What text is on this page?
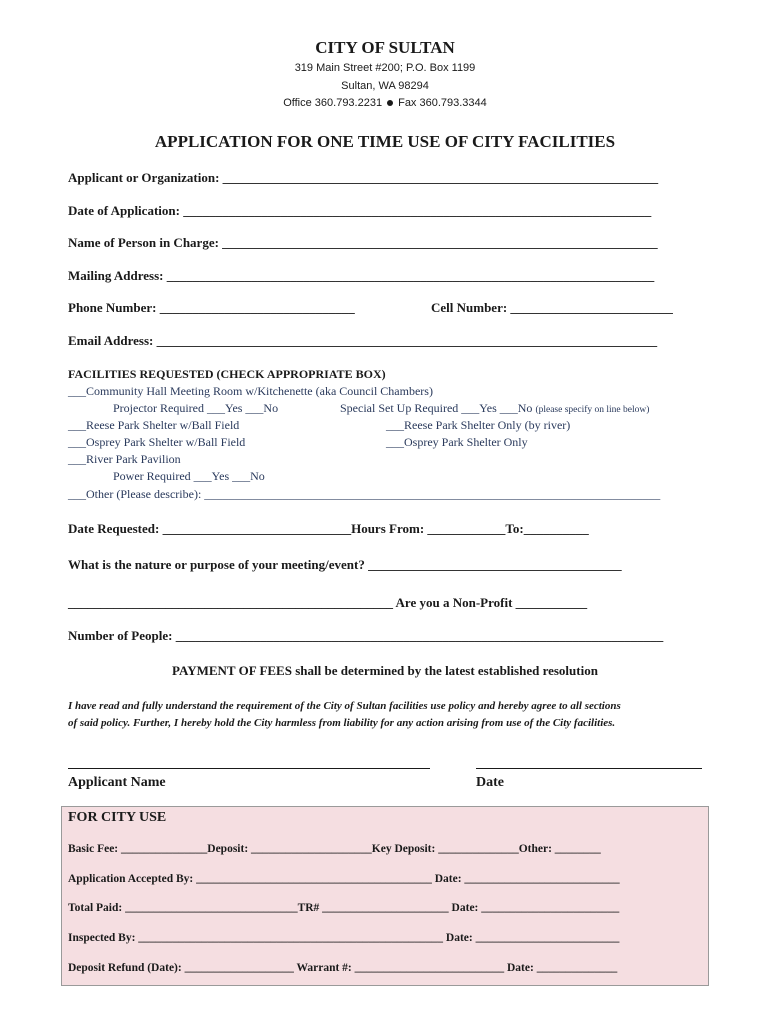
CITY OF SULTAN
319 Main Street #200; P.O. Box 1199
Sultan, WA 98294
Office 360.793.2231 Fax 360.793.3344
APPLICATION FOR ONE TIME USE OF CITY FACILITIES
Applicant or Organization: ___________________________________________________________________
Date of Application: ________________________________________________________________________
Name of Person in Charge: ___________________________________________________________________
Mailing Address: ___________________________________________________________________________
Phone Number: ______________________________	Cell Number: _________________________
Email Address: _____________________________________________________________________________
FACILITIES REQUESTED (CHECK APPROPRIATE BOX)
___Community Hall Meeting Room w/Kitchenette (aka Council Chambers)
Projector Required ___Yes ___No	Special Set Up Required ___Yes ___No (please specify on line below)
___Reese Park Shelter w/Ball Field	___Reese Park Shelter Only (by river)
___Osprey Park Shelter w/Ball Field	___Osprey Park Shelter Only
___River Park Pavilion
Power Required ___Yes ___No
___Other (Please describe): ____________________________________________________________________________
Date Requested: _____________________________Hours From: ____________To:__________
What is the nature or purpose of your meeting/event? _______________________________________
__________________________________________________ Are you a Non-Profit ___________
Number of People: ___________________________________________________________________________
PAYMENT OF FEES shall be determined by the latest established resolution
I have read and fully understand the requirement of the City of Sultan facilities use policy and hereby agree to all sections
of said policy. Further, I hereby hold the City harmless from liability for any action arising from use of the City facilities.
Applicant Name	Date
FOR CITY USE
Basic Fee: _______________Deposit: _____________________Key Deposit: ______________Other: ________
Application Accepted By: _________________________________________ Date: ___________________________
Total Paid: ______________________________TR# ______________________ Date: ________________________
Inspected By: _____________________________________________________ Date: _________________________
Deposit Refund (Date): ___________________ Warrant #: __________________________ Date: ______________
